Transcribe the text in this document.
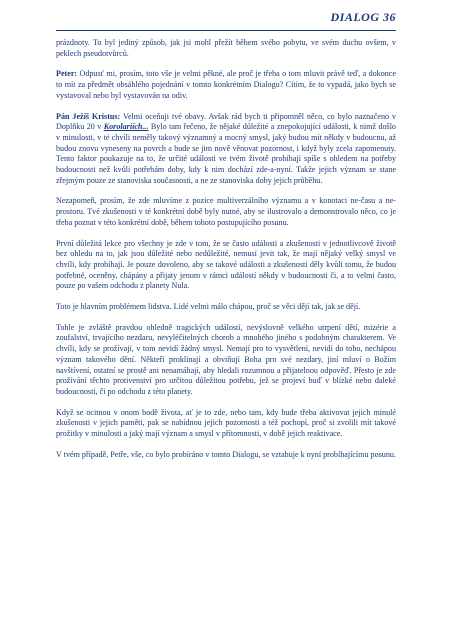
DIALOG 36

prázdnoty. To byl jediný způsob, jak jsi mohl přežít během svého pobytu, ve svém duchu ovšem, v peklech pseudotvůrců.

Peter: Odpusť mi, prosím, toto vše je velmi pěkné, ale proč je třeba o tom mluvit právě teď, a dokonce to mít za předmět obsáhlého pojednání v tomto konkrétním Dialogu? Cítím, že to vypadá, jako bych se vystavoval nebo byl vystavován na odiv.

Pán Ježíš Kristus: Velmi oceňuji tvé obavy. Avšak rád bych ti připomněl něco, co bylo naznačeno v Doplňku 20 v Korolariích... Bylo tam řečeno, že nějaké důležité a znepokojující události, k nimž došlo v minulosti, v té chvíli neměly takový významný a mocný smysl, jaký budou mít někdy v budoucnu, až budou znovu vyneseny na povrch a bude se jim nově věnovat pozornost, i když byly zcela zapomenuty. Tento faktor poukazuje na to, že určité události ve tvém životě probíhají spíše s ohledem na potřeby budoucnosti než kvůli potřebám doby, kdy k nim dochází zde-a-nyní. Takže jejich význam se stane zřejmým pouze ze stanoviska současnosti, a ne ze stanoviska doby jejich průběhu.

Nezapomeň, prosím, že zde mluvíme z pozice multiverzálního významu a v konotaci ne-času a ne-prostoru. Tvé zkušenosti v té konkrétní době byly nutné, aby se ilustrovalo a demonstrovalo něco, co je třeba poznat v této konkrétní době, během tohoto postupujícího posunu.

První důležitá lekce pro všechny je zde v tom, že se často události a zkušenosti v jednotlivcově životě bez ohledu na to, jak jsou důležité nebo nedůležité, nemusí jevit tak, že mají nějaký velký smysl ve chvíli, kdy probíhají. Je pouze dovoleno, aby se takové události a zkušenosti děly kvůli tomu, že budou potřebné, oceněny, chápány a přijaty jenom v rámci událostí někdy v budoucnosti či, a to velmi často, pouze po vašem odchodu z planety Nula.

Toto je hlavním problémem lidstva. Lidé velmi málo chápou, proč se věci dějí tak, jak se dějí.

Tohle je zvláště pravdou ohledně tragických událostí, nevýslovně velkého utrpení dětí, mizérie a zoufalství, trvajícího nezdaru, nevyléčitelných chorob a mnohého jiného s podobným charakterem. Ve chvíli, kdy se prožívají, v tom nevidí žádný smysl. Nemají pro to vysvětlení, nevidí do toho, nechápou význam takového dění. Někteří proklínají a obviňují Boha pro své nezdary, jiní mluví o Božím navštívení, ostatní se prostě ani nenamáhají, aby hledali rozumnou a přijatelnou odpověď. Přesto je zde prožívání těchto protivenství pro určitou důležitou potřebu, jež se projeví buď v blízké nebo daleké budoucnosti, či po odchodu z této planety.

Když se ocitnou v onom bodě života, ať je to zde, nebo tam, kdy bude třeba aktivovat jejich minulé zkušenosti v jejich paměti, pak se nabídnou jejich pozornosti a též pochopí, proč si zvolili mít takové prožitky v minulosti a jaký mají význam a smysl v přítomnosti, v době jejich reaktivace.

V tvém případě, Petře, vše, co bylo probíráno v tomto Dialogu, se vztahuje k nyní probíhajícímu posunu.
